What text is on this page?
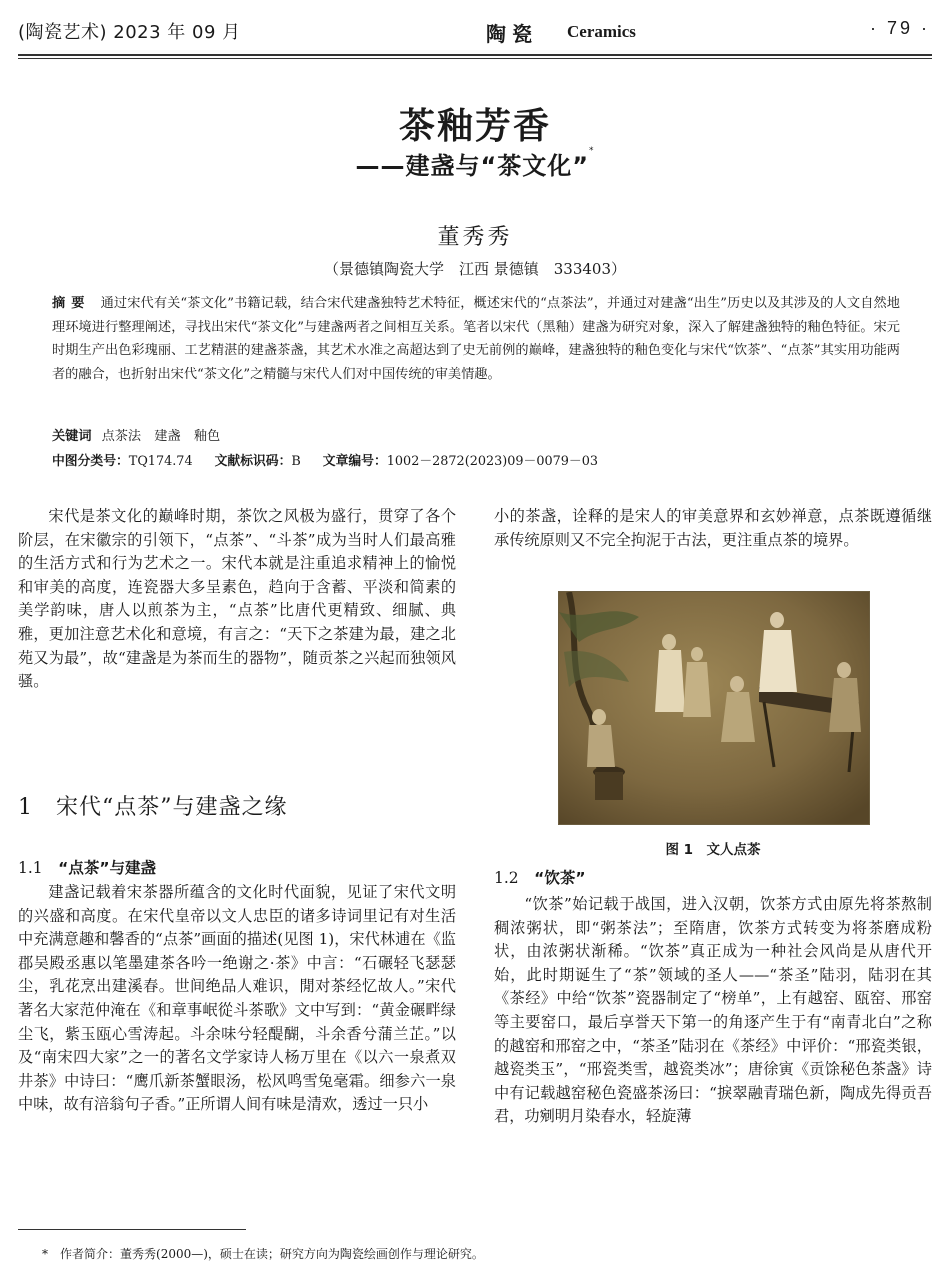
(陶瓷艺术) 2023 年 09 月	陶瓷 Ceramics	· 79 ·
茶釉芳香
——建盏与“茶文化”*
董秀秀
（景德镇陶瓷大学　江西 景德镇　333403）
摘要 通过宋代有关“茶文化”书籍记载，结合宋代建盏独特艺术特征，概述宋代的“点茶法”，并通过对建盏“出生”历史以及其涉及的人文自然地理环境进行整理阐述，寻找出宋代“茶文化”与建盏两者之间相互关系。笔者以宋代（黑釉）建盏为研究对象，深入了解建盏独特的釉色特征。宋元时期生产出色彩瑰丽、工艺精湛的建盏茶盏，其艺术水准之高超达到了史无前例的巅峰，建盏独特的釉色变化与宋代“饮茶”、“点茶”其实用功能两者的融合，也折射出宋代“茶文化”之精髓与宋代人们对中国传统的审美情趣。
关键词 点茶法　建盏　釉色
中图分类号：TQ174.74 文献标识码：B 文章编号：1002－2872(2023)09－0079－03
宋代是茶文化的巅峰时期，茶饮之风极为盛行，贯穿了各个阶层，在宋徽宗的引领下，“点茶”、“斗茶”成为当时人们最高雅的生活方式和行为艺术之一。宋代本就是注重追求精神上的愉悦和审美的高度，连瓷器大多呈素色，趋向于含蓄、平淡和简素的美学韵味，唐人以煎茶为主，“点茶”比唐代更精致、细腻、典雅，更加注意艺术化和意境，有言之：“天下之茶建为最，建之北苑又为最”，故“建盏是为茶而生的器物”，随贡茶之兴起而独领风骚。
1　 宋代“点茶”与建盏之缘
1.1　 “点茶”与建盏
建盏记载着宋茶器所蕴含的文化时代面貌，见证了宋代文明的兴盛和高度。在宋代皇帝以文人忠臣的诸多诗词里记有对生活中充满意趣和馨香的“点茶”画面的描述(见图 1)，宋代林逋在《监郡吴殿丞惠以笔墨建茶各吟一绝谢之·茶》中言：“石碾轻飞瑟瑟尘，乳花烹出建溪春。世间绝品人难识，閒对茶经忆故人。”宋代著名大家范仲淹在《和章事岷從斗茶歌》文中写到：“黄金碾畔绿尘飞，紫玉瓯心雪涛起。斗余味兮轻醍醐，斗余香兮蒲兰芷。”以及“南宋四大家”之一的著名文学家诗人杨万里在《以六一泉煮双井茶》中诗曰：“鹰爪新茶蟹眼汤，松风鸣雪兔毫霜。细参六一泉中味，故有涪翁句子香。”正所谓人间有味是清欢，透过一只小
小的茶盏，诠释的是宋人的审美意界和玄妙禅意，点茶既遵循继承传统原则又不完全拘泥于古法，更注重点茶的境界。
图 1　 文人点茶
1.2　 “饮茶”
“饮茶”始记载于战国，进入汉朝，饮茶方式由原先将茶熬制稠浓粥状，即“粥茶法”；至隋唐，饮茶方式转变为将茶磨成粉状，由浓粥状渐稀。“饮茶”真正成为一种社会风尚是从唐代开始，此时期诞生了“茶”领域的圣人——“茶圣”陆羽，陆羽在其《茶经》中给“饮茶”瓷器制定了“榜单”，上有越窑、瓯窑、邢窑等主要窑口，最后享誉天下第一的角逐产生于有“南青北白”之称的越窑和邢窑之中，“茶圣”陆羽在《茶经》中评价：“邢瓷类银，越瓷类玉”，“邢瓷类雪，越瓷类冰”；唐徐寅《贡馀秘色茶盏》诗中有记载越窑秘色瓷盛茶汤曰：“捩翠融青瑞色新，陶成先得贡吾君，功剜明月染春水，轻旋薄
*　 作者简介：董秀秀(2000—)，硕士在读；研究方向为陶瓷绘画创作与理论研究。
